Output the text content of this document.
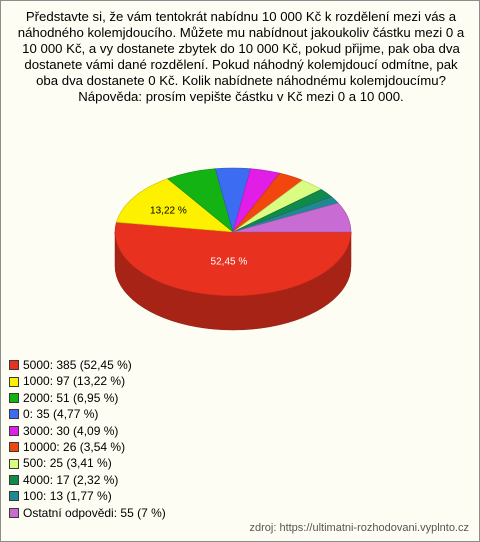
Představte si, že vám tentokrát nabídnu 10 000 Kč k rozdělení mezi vás a náhodného kolemjdoucího. Můžete mu nabídnout jakoukoliv částku mezi 0 a 10 000 Kč, a vy dostanete zbytek do 10 000 Kč, pokud přijme, pak oba dva dostanete vámi dané rozdělení. Pokud náhodný kolemjdoucí odmítne, pak oba dva dostanete 0 Kč. Kolik nabídnete náhodnému kolemjdoucímu? Nápověda: prosím vepište částku v Kč mezi 0 a 10 000.
52,45 %
13,22 %
5000: 385 (52,45 %)
1000: 97 (13,22 %)
2000: 51 (6,95 %)
0: 35 (4,77 %)
3000: 30 (4,09 %)
10000: 26 (3,54 %)
500: 25 (3,41 %)
4000: 17 (2,32 %)
100: 13 (1,77 %)
Ostatní odpovědi: 55 (7 %)
zdroj: https://ultimatni-rozhodovani.vyplnto.cz
